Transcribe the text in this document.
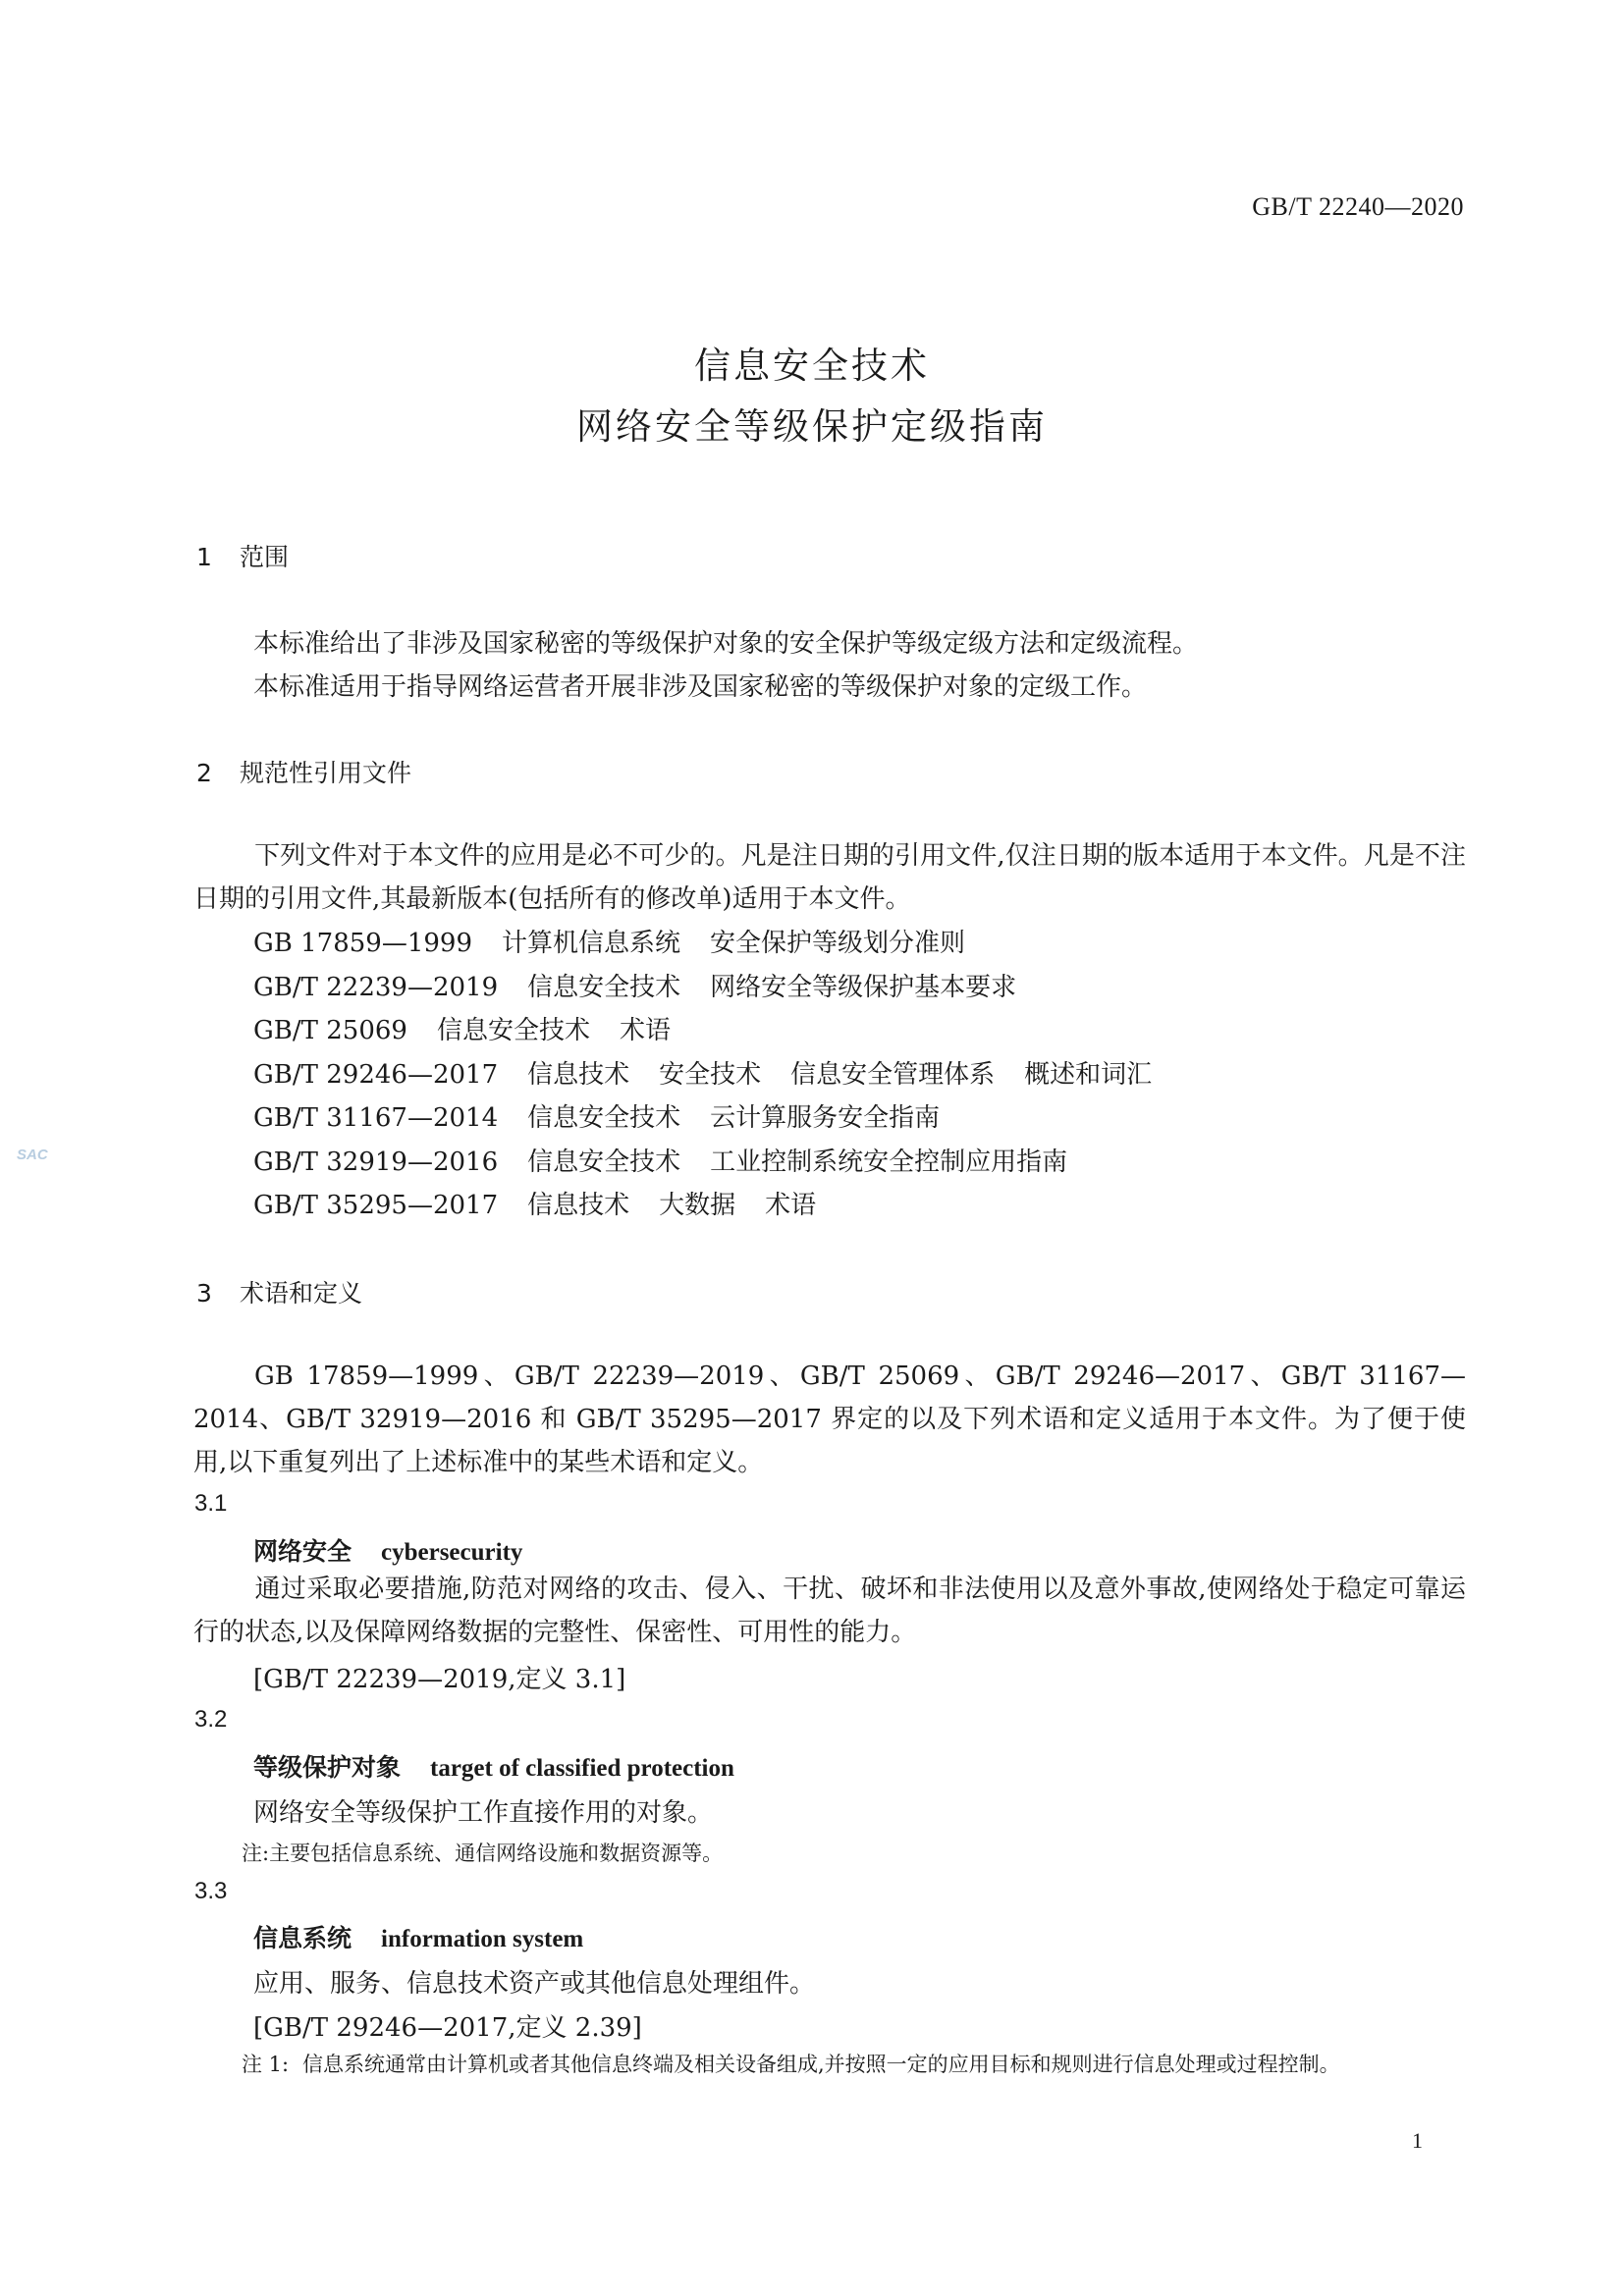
GB/T 22240—2020
信息安全技术
网络安全等级保护定级指南
1 范围
本标准给出了非涉及国家秘密的等级保护对象的安全保护等级定级方法和定级流程。
本标准适用于指导网络运营者开展非涉及国家秘密的等级保护对象的定级工作。
2 规范性引用文件
下列文件对于本文件的应用是必不可少的。凡是注日期的引用文件,仅注日期的版本适用于本文件。凡是不注日期的引用文件,其最新版本(包括所有的修改单)适用于本文件。
GB 17859—1999 计算机信息系统 安全保护等级划分准则
GB/T 22239—2019 信息安全技术 网络安全等级保护基本要求
GB/T 25069 信息安全技术 术语
GB/T 29246—2017 信息技术 安全技术 信息安全管理体系 概述和词汇
GB/T 31167—2014 信息安全技术 云计算服务安全指南
GB/T 32919—2016 信息安全技术 工业控制系统安全控制应用指南
GB/T 35295—2017 信息技术 大数据 术语
3 术语和定义
GB 17859—1999、GB/T 22239—2019、GB/T 25069、GB/T 29246—2017、GB/T 31167—2014、GB/T 32919—2016 和 GB/T 35295—2017 界定的以及下列术语和定义适用于本文件。为了便于使用,以下重复列出了上述标准中的某些术语和定义。
3.1
网络安全 cybersecurity
通过采取必要措施,防范对网络的攻击、侵入、干扰、破坏和非法使用以及意外事故,使网络处于稳定可靠运行的状态,以及保障网络数据的完整性、保密性、可用性的能力。
[GB/T 22239—2019,定义 3.1]
3.2
等级保护对象 target of classified protection
网络安全等级保护工作直接作用的对象。
注:主要包括信息系统、通信网络设施和数据资源等。
3.3
信息系统 information system
应用、服务、信息技术资产或其他信息处理组件。
[GB/T 29246—2017,定义 2.39]
注 1: 信息系统通常由计算机或者其他信息终端及相关设备组成,并按照一定的应用目标和规则进行信息处理或过程控制。
SAC
1
